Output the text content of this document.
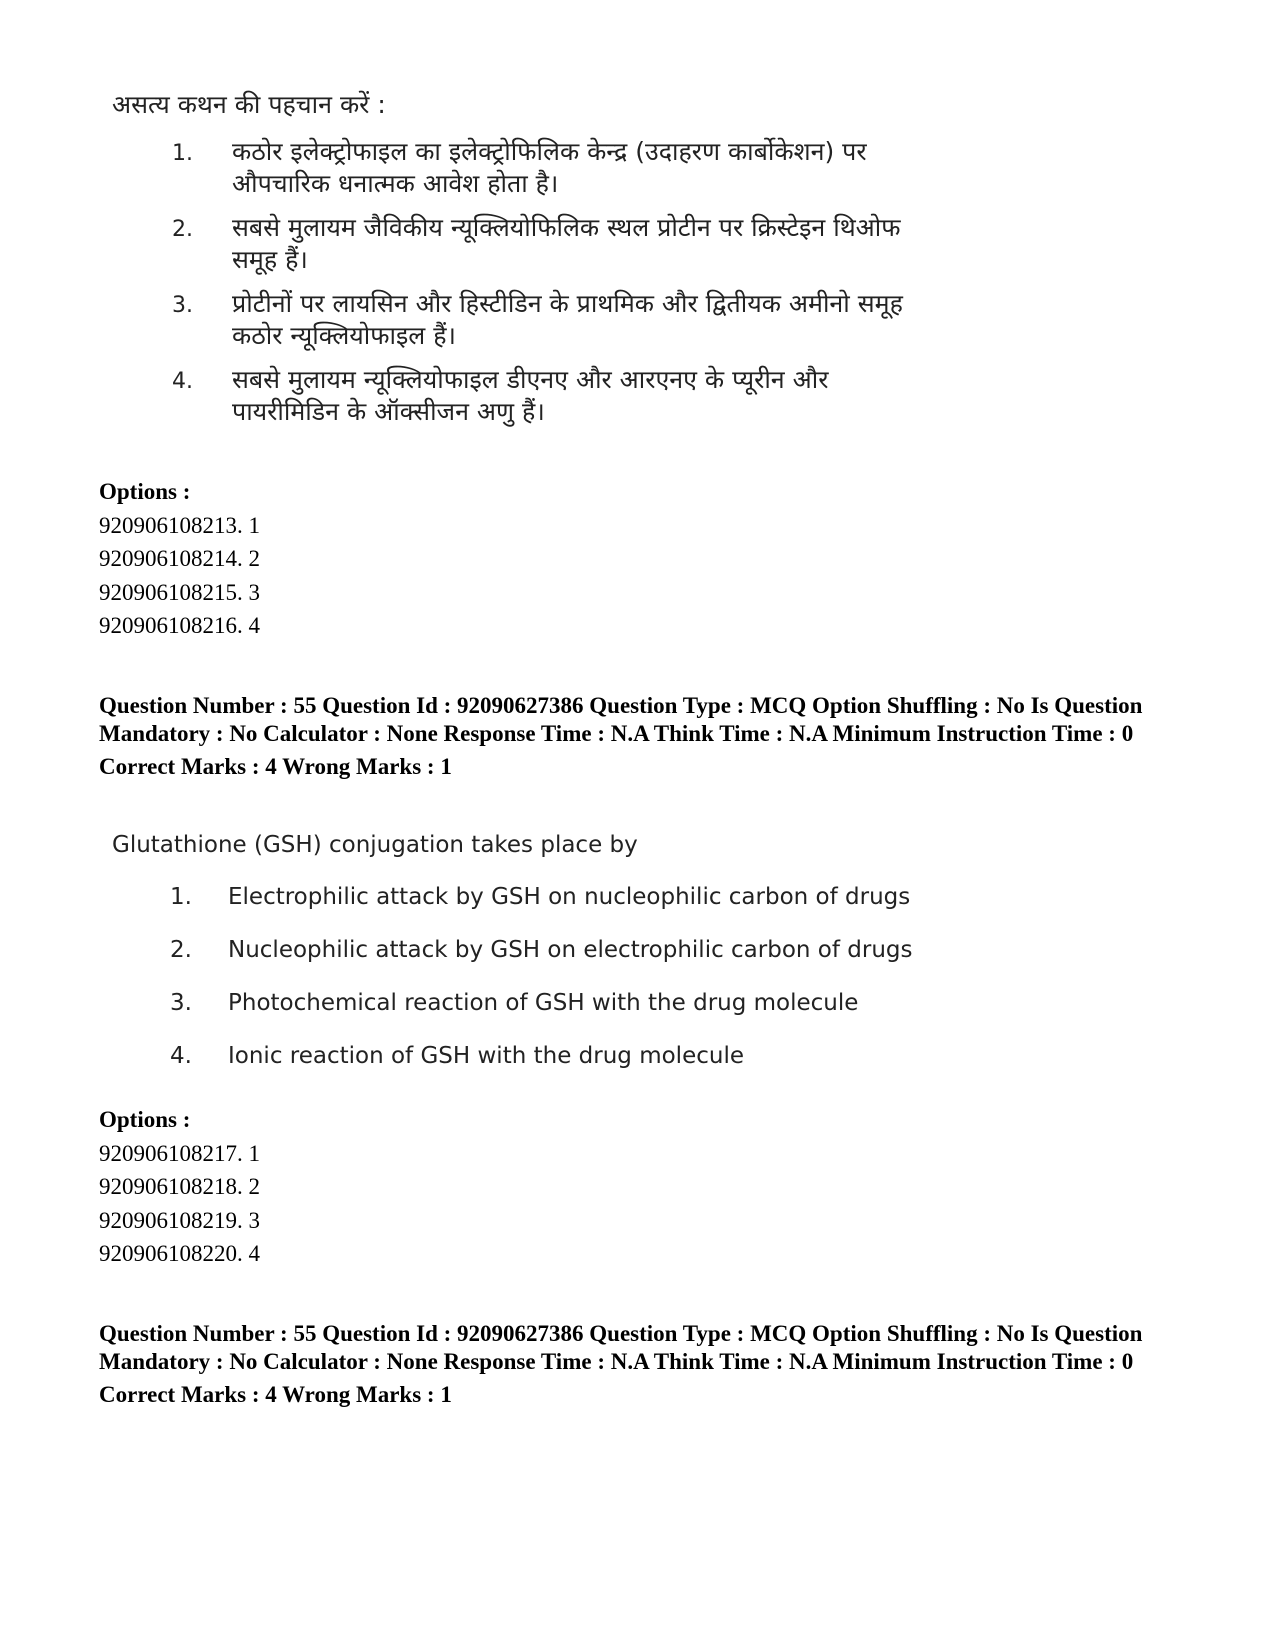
असत्य कथन की पहचान करें :
1.	कठोर इलेक्ट्रोफाइल का इलेक्ट्रोफिलिक केन्द्र (उदाहरण कार्बोकेशन) पर औपचारिक धनात्मक आवेश होता है।
2.	सबसे मुलायम जैविकीय न्यूक्लियोफिलिक स्थल प्रोटीन पर क्रिस्टेइन थिओफ समूह हैं।
3.	प्रोटीनों पर लायसिन और हिस्टीडिन के प्राथमिक और द्वितीयक अमीनो समूह कठोर न्यूक्लियोफाइल हैं।
4.	सबसे मुलायम न्यूक्लियोफाइल डीएनए और आरएनए के प्यूरीन और पायरीमिडिन के ऑक्सीजन अणु हैं।
Options :
920906108213. 1
920906108214. 2
920906108215. 3
920906108216. 4
Question Number : 55 Question Id : 92090627386 Question Type : MCQ Option Shuffling : No Is Question Mandatory : No Calculator : None Response Time : N.A Think Time : N.A Minimum Instruction Time : 0
Correct Marks : 4 Wrong Marks : 1
Glutathione (GSH) conjugation takes place by
1.	Electrophilic attack by GSH on nucleophilic carbon of drugs
2.	Nucleophilic attack by GSH on electrophilic carbon of drugs
3.	Photochemical reaction of GSH with the drug molecule
4.	Ionic reaction of GSH with the drug molecule
Options :
920906108217. 1
920906108218. 2
920906108219. 3
920906108220. 4
Question Number : 55 Question Id : 92090627386 Question Type : MCQ Option Shuffling : No Is Question Mandatory : No Calculator : None Response Time : N.A Think Time : N.A Minimum Instruction Time : 0
Correct Marks : 4 Wrong Marks : 1
